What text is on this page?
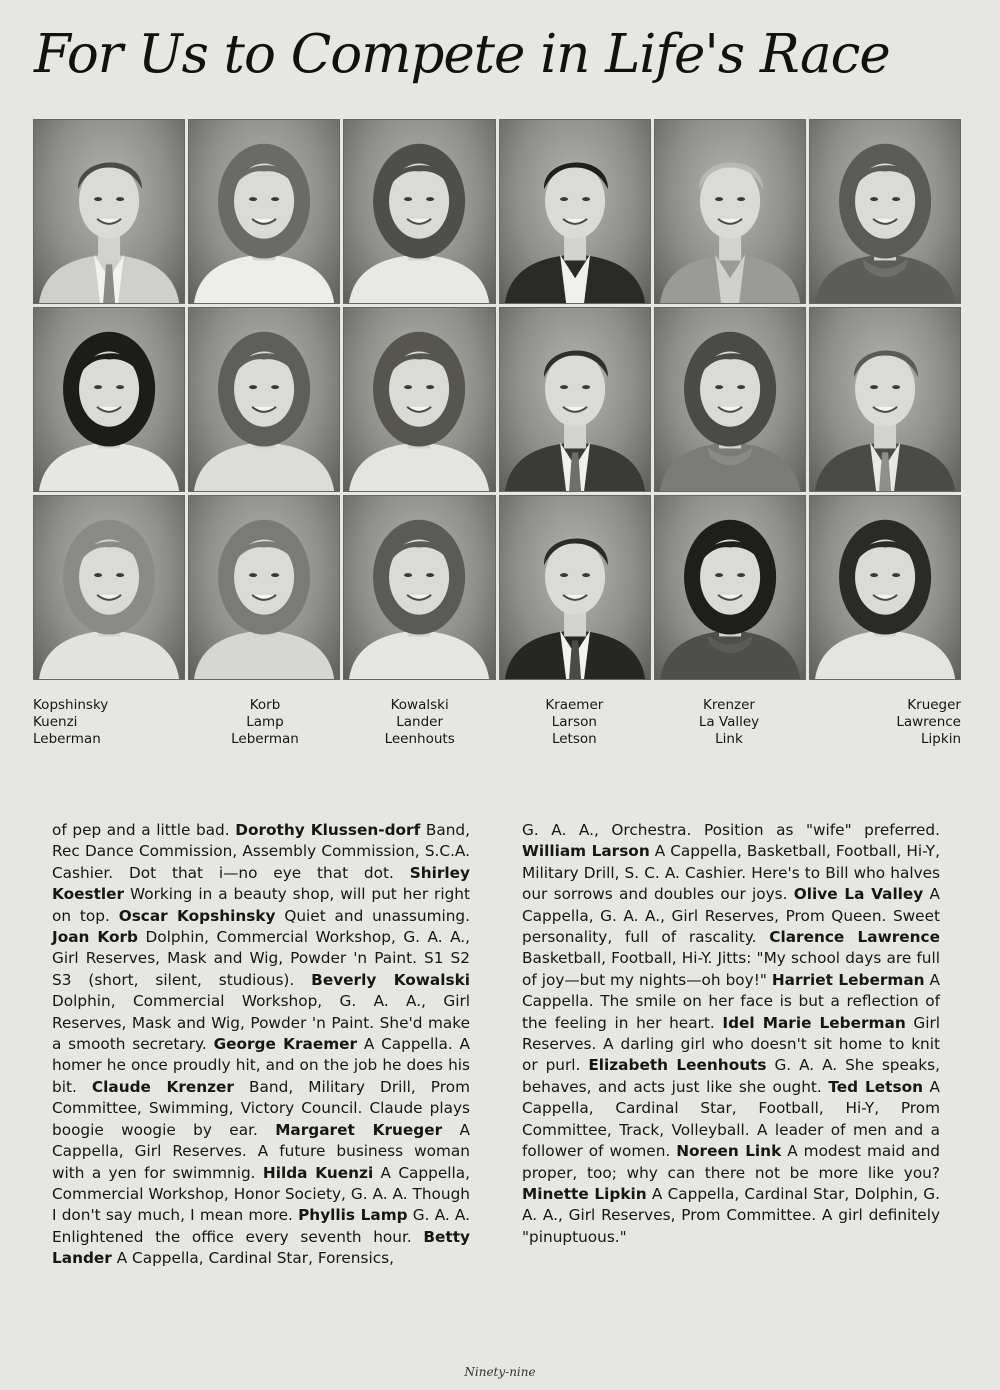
For Us to Compete in Life's Race
Kopshinsky
Kuenzi
Leberman
Korb
Lamp
Leberman
Kowalski
Lander
Leenhouts
Kraemer
Larson
Letson
Krenzer
La Valley
Link
Krueger
Lawrence
Lipkin
of pep and a little bad. Dorothy Klussen-dorf Band, Rec Dance Commission, Assembly Commission, S.C.A. Cashier. Dot that i—no eye that dot. Shirley Koestler Working in a beauty shop, will put her right on top. Oscar Kopshinsky Quiet and unassuming. Joan Korb Dolphin, Commercial Workshop, G. A. A., Girl Reserves, Mask and Wig, Powder 'n Paint. S1 S2 S3 (short, silent, studious). Beverly Kowalski Dolphin, Commercial Workshop, G. A. A., Girl Reserves, Mask and Wig, Powder 'n Paint. She'd make a smooth secretary. George Kraemer A Cappella. A homer he once proudly hit, and on the job he does his bit. Claude Krenzer Band, Military Drill, Prom Committee, Swimming, Victory Council. Claude plays boogie woogie by ear. Margaret Krueger A Cappella, Girl Reserves. A future business woman with a yen for swimmnig. Hilda Kuenzi A Cappella, Commercial Workshop, Honor Society, G. A. A. Though I don't say much, I mean more. Phyllis Lamp G. A. A. Enlightened the office every seventh hour. Betty Lander A Cappella, Cardinal Star, Forensics,
G. A. A., Orchestra. Position as "wife" preferred. William Larson A Cappella, Basketball, Football, Hi-Y, Military Drill, S. C. A. Cashier. Here's to Bill who halves our sorrows and doubles our joys. Olive La Valley A Cappella, G. A. A., Girl Reserves, Prom Queen. Sweet personality, full of rascality. Clarence Lawrence Basketball, Football, Hi-Y. Jitts: "My school days are full of joy—but my nights—oh boy!" Harriet Leberman A Cappella. The smile on her face is but a reflection of the feeling in her heart. Idel Marie Leberman Girl Reserves. A darling girl who doesn't sit home to knit or purl. Elizabeth Leenhouts G. A. A. She speaks, behaves, and acts just like she ought. Ted Letson A Cappella, Cardinal Star, Football, Hi-Y, Prom Committee, Track, Volleyball. A leader of men and a follower of women. Noreen Link A modest maid and proper, too; why can there not be more like you? Minette Lipkin A Cappella, Cardinal Star, Dolphin, G. A. A., Girl Reserves, Prom Committee. A girl definitely "pinuptuous."
Ninety-nine
